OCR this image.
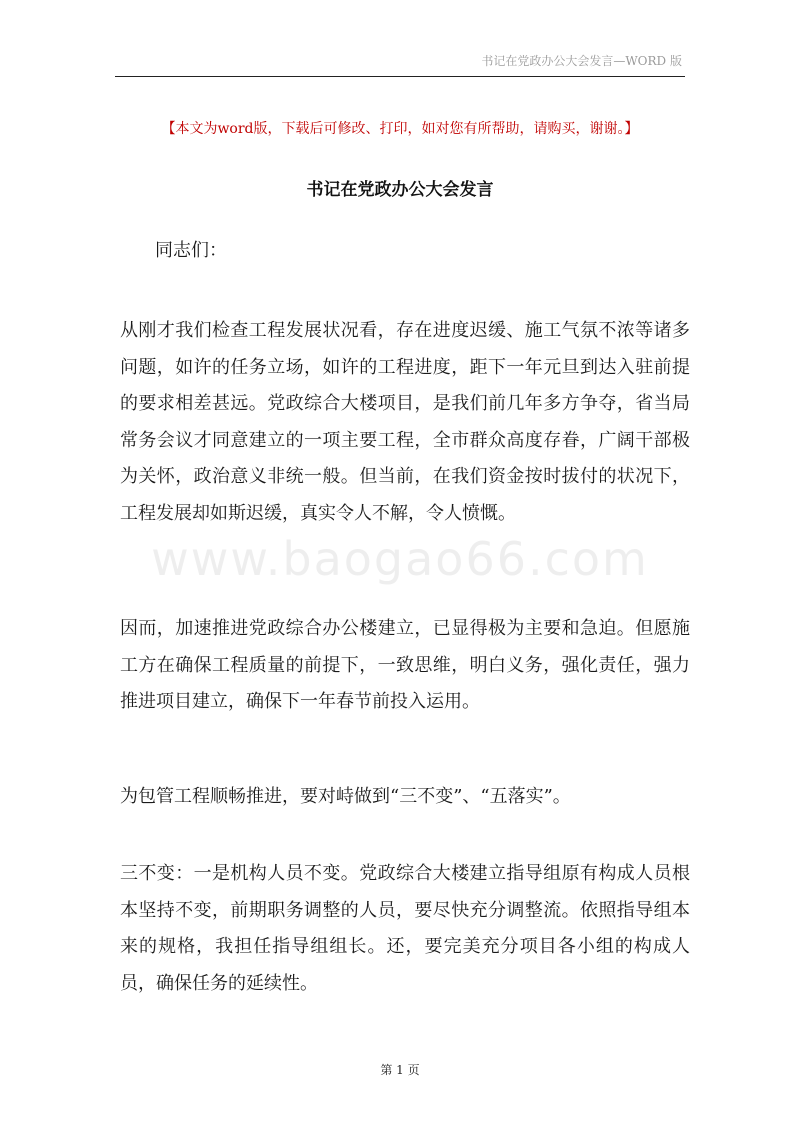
书记在党政办公大会发言—WORD 版
【本文为word版，下载后可修改、打印，如对您有所帮助，请购买，谢谢。】
书记在党政办公大会发言
同志们：

从刚才我们检查工程发展状况看，存在进度迟缓、施工气氛不浓等诸多问题，如许的任务立场，如许的工程进度，距下一年元旦到达入驻前提的要求相差甚远。党政综合大楼项目，是我们前几年多方争夺，省当局常务会议才同意建立的一项主要工程，全市群众高度存眷，广阔干部极为关怀，政治意义非统一般。但当前，在我们资金按时拔付的状况下，工程发展却如斯迟缓，真实令人不解，令人愤慨。

因而，加速推进党政综合办公楼建立，已显得极为主要和急迫。但愿施工方在确保工程质量的前提下，一致思维，明白义务，强化责任，强力推进项目建立，确保下一年春节前投入运用。

为包管工程顺畅推进，要对峙做到“三不变”、“五落实”。

三不变：一是机构人员不变。党政综合大楼建立指导组原有构成人员根本坚持不变，前期职务调整的人员，要尽快充分调整流。依照指导组本来的规格，我担任指导组组长。还，要完美充分项目各小组的构成人员，确保任务的延续性。

www.baogao66.com
第 1 页
